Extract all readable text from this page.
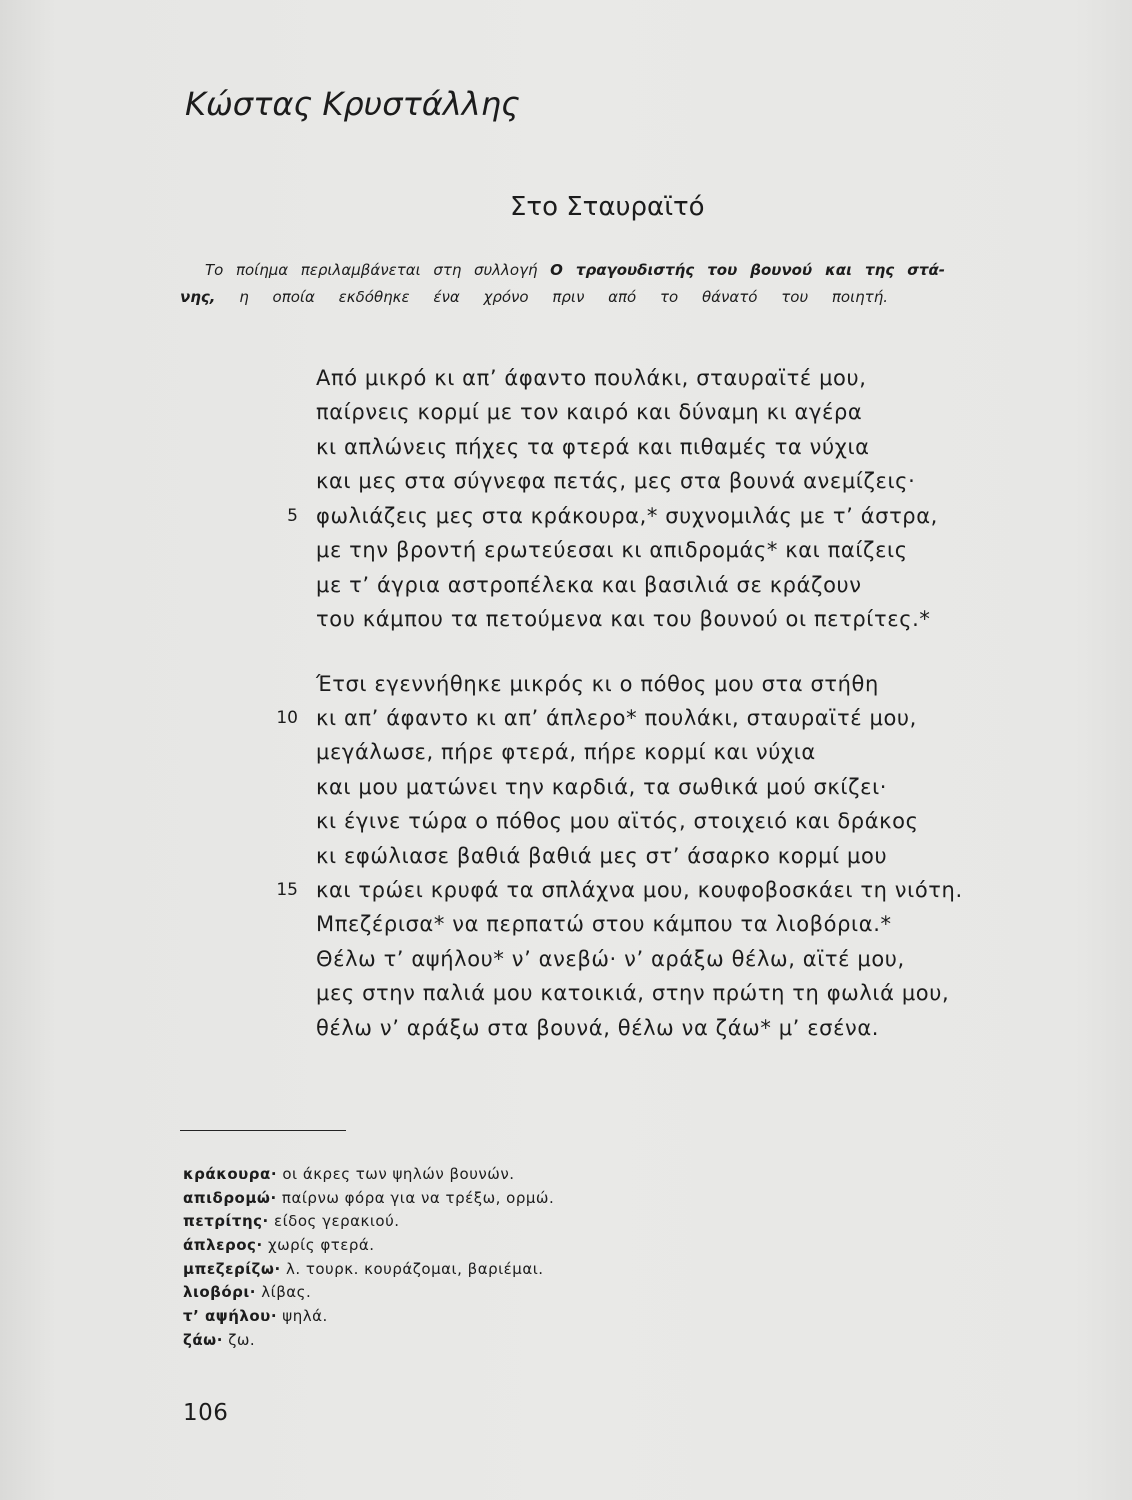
Κώστας Κρυστάλλης
Στο Σταυραϊτό
Το ποίημα περιλαμβάνεται στη συλλογή Ο τραγουδιστής του βουνού και της στά-
νης, η οποία εκδόθηκε ένα χρόνο πριν από το θάνατό του ποιητή.
Από μικρό κι απ’ άφαντο πουλάκι, σταυραϊτέ μου,
παίρνεις κορμί με τον καιρό και δύναμη κι αγέρα
κι απλώνεις πήχες τα φτερά και πιθαμές τα νύχια
και μες στα σύγνεφα πετάς, μες στα βουνά ανεμίζεις·
5 φωλιάζεις μες στα κράκουρα,* συχνομιλάς με τ’ άστρα,
με την βροντή ερωτεύεσαι κι απιδρομάς* και παίζεις
με τ’ άγρια αστροπέλεκα και βασιλιά σε κράζουν
του κάμπου τα πετούμενα και του βουνού οι πετρίτες.*
Έτσι εγεννήθηκε μικρός κι ο πόθος μου στα στήθη
10 κι απ’ άφαντο κι απ’ άπλερο* πουλάκι, σταυραϊτέ μου,
μεγάλωσε, πήρε φτερά, πήρε κορμί και νύχια
και μου ματώνει την καρδιά, τα σωθικά μού σκίζει·
κι έγινε τώρα ο πόθος μου αϊτός, στοιχειό και δράκος
κι εφώλιασε βαθιά βαθιά μες στ’ άσαρκο κορμί μου
15 και τρώει κρυφά τα σπλάχνα μου, κουφοβοσκάει τη νιότη.
Μπεζέρισα* να περπατώ στου κάμπου τα λιοβόρια.*
Θέλω τ’ αψήλου* ν’ ανεβώ· ν’ αράξω θέλω, αϊτέ μου,
μες στην παλιά μου κατοικιά, στην πρώτη τη φωλιά μου,
θέλω ν’ αράξω στα βουνά, θέλω να ζάω* μ’ εσένα.
κράκουρα· οι άκρες των ψηλών βουνών.
απιδρομώ· παίρνω φόρα για να τρέξω, ορμώ.
πετρίτης· είδος γερακιού.
άπλερος· χωρίς φτερά.
μπεζερίζω· λ. τουρκ. κουράζομαι, βαριέμαι.
λιοβόρι· λίβας.
τ’ αψήλου· ψηλά.
ζάω· ζω.
106
